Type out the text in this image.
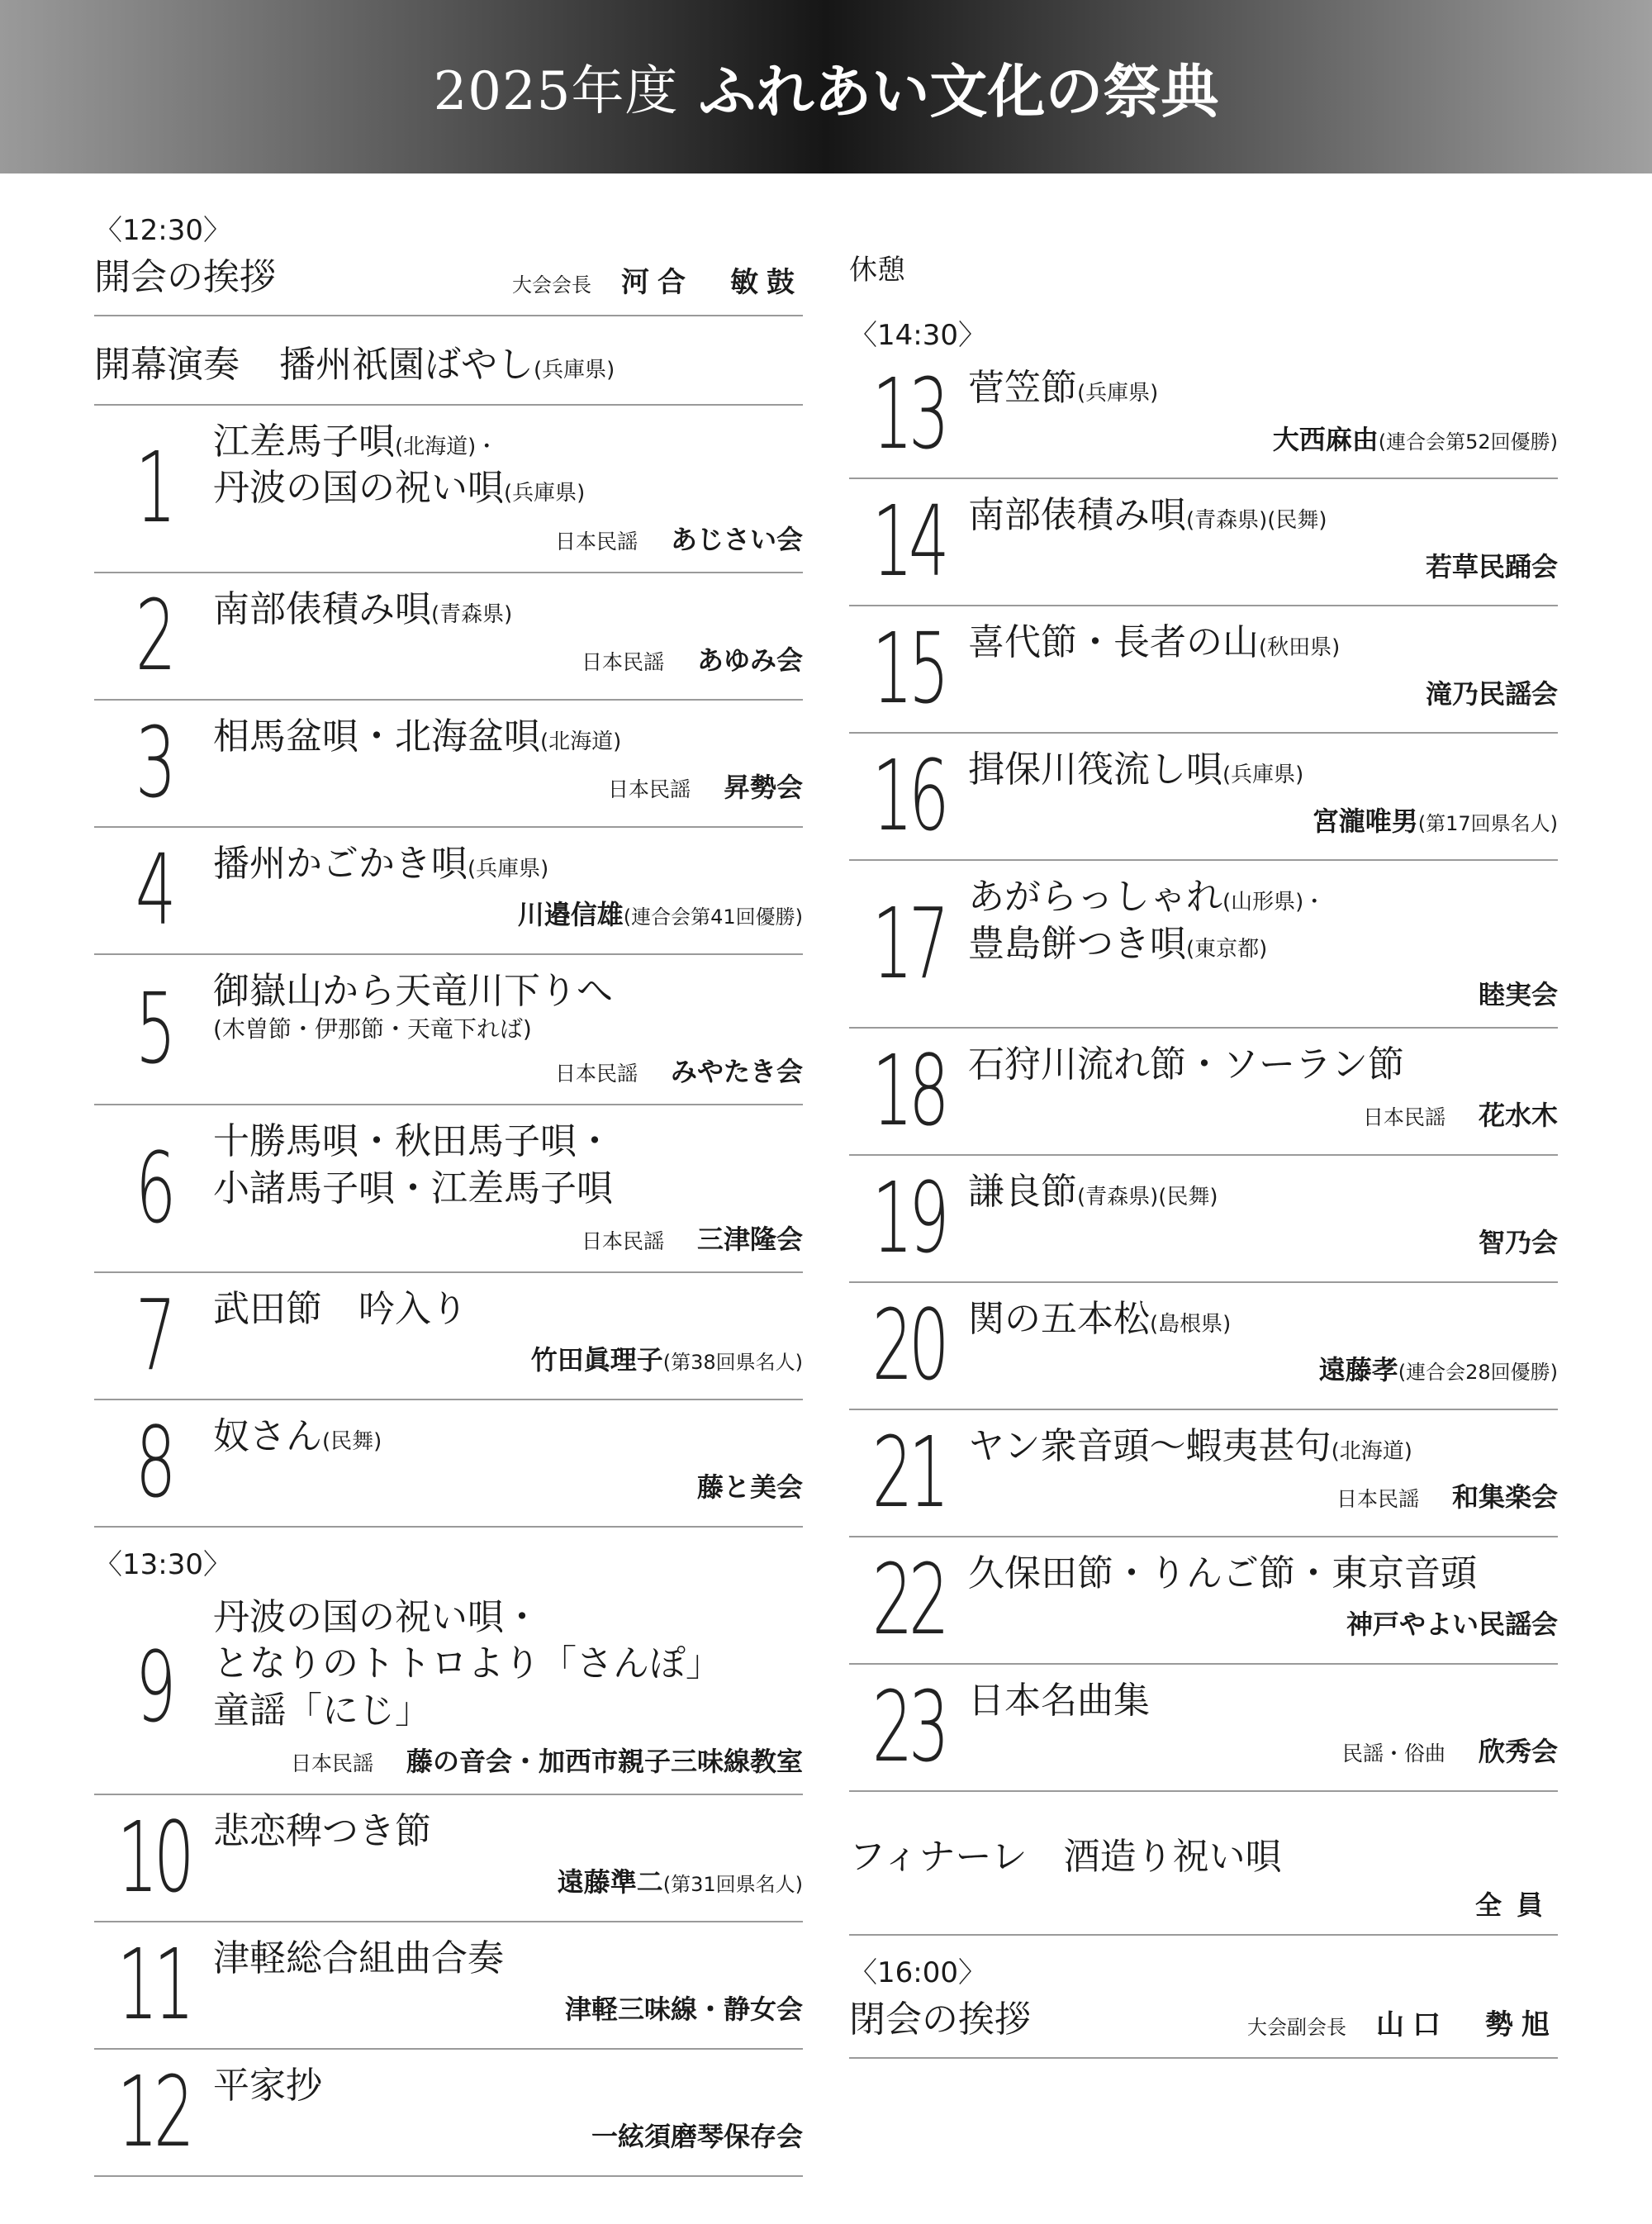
2025年度 ふれあい文化の祭典
〈12:30〉
開会の挨拶	大会会長 河合　敏鼓
開幕演奏 播州祇園ばやし(兵庫県)
1	江差馬子唄(北海道)・
丹波の国の祝い唄(兵庫県)
日本民謡 あじさい会
2	南部俵積み唄(青森県)
日本民謡 あゆみ会
3	相馬盆唄・北海盆唄(北海道)
日本民謡 昇勢会
4	播州かごかき唄(兵庫県)
川邉信雄(連合会第41回優勝)
5	御嶽山から天竜川下りへ
(木曽節・伊那節・天竜下れば)
日本民謡 みやたき会
6	十勝馬唄・秋田馬子唄・
小諸馬子唄・江差馬子唄
日本民謡 三津隆会
7	武田節　吟入り
竹田眞理子(第38回県名人)
8	奴さん(民舞)
藤と美会
〈13:30〉
9
丹波の国の祝い唄・
となりのトトロより「さんぽ」
童謡「にじ」
日本民謡 藤の音会・加西市親子三味線教室
10 悲恋稗つき節
遠藤準二(第31回県名人)
11 津軽総合組曲合奏
津軽三味線・静女会
12 平家抄
一絃須磨琴保存会
休憩
〈14:30〉
13 菅笠節(兵庫県)
大西麻由(連合会第52回優勝)
14 南部俵積み唄(青森県)(民舞)
若草民踊会
15 喜代節・長者の山(秋田県)
滝乃民謡会
16 揖保川筏流し唄(兵庫県)
宮瀧唯男(第17回県名人)
17 あがらっしゃれ(山形県)・
豊島餅つき唄(東京都)
睦実会
18 石狩川流れ節・ソーラン節
日本民謡 花水木
19 謙良節(青森県)(民舞)
智乃会
20 関の五本松(島根県)
遠藤孝(連合会28回優勝)
21 ヤン衆音頭〜蝦夷甚句(北海道)
日本民謡 和集楽会
22 久保田節・りんご節・東京音頭
神戸やよい民謡会
23 日本名曲集
民謡・俗曲 欣秀会
フィナーレ　酒造り祝い唄
全員
〈16:00〉
閉会の挨拶	大会副会長 山口　勢旭
